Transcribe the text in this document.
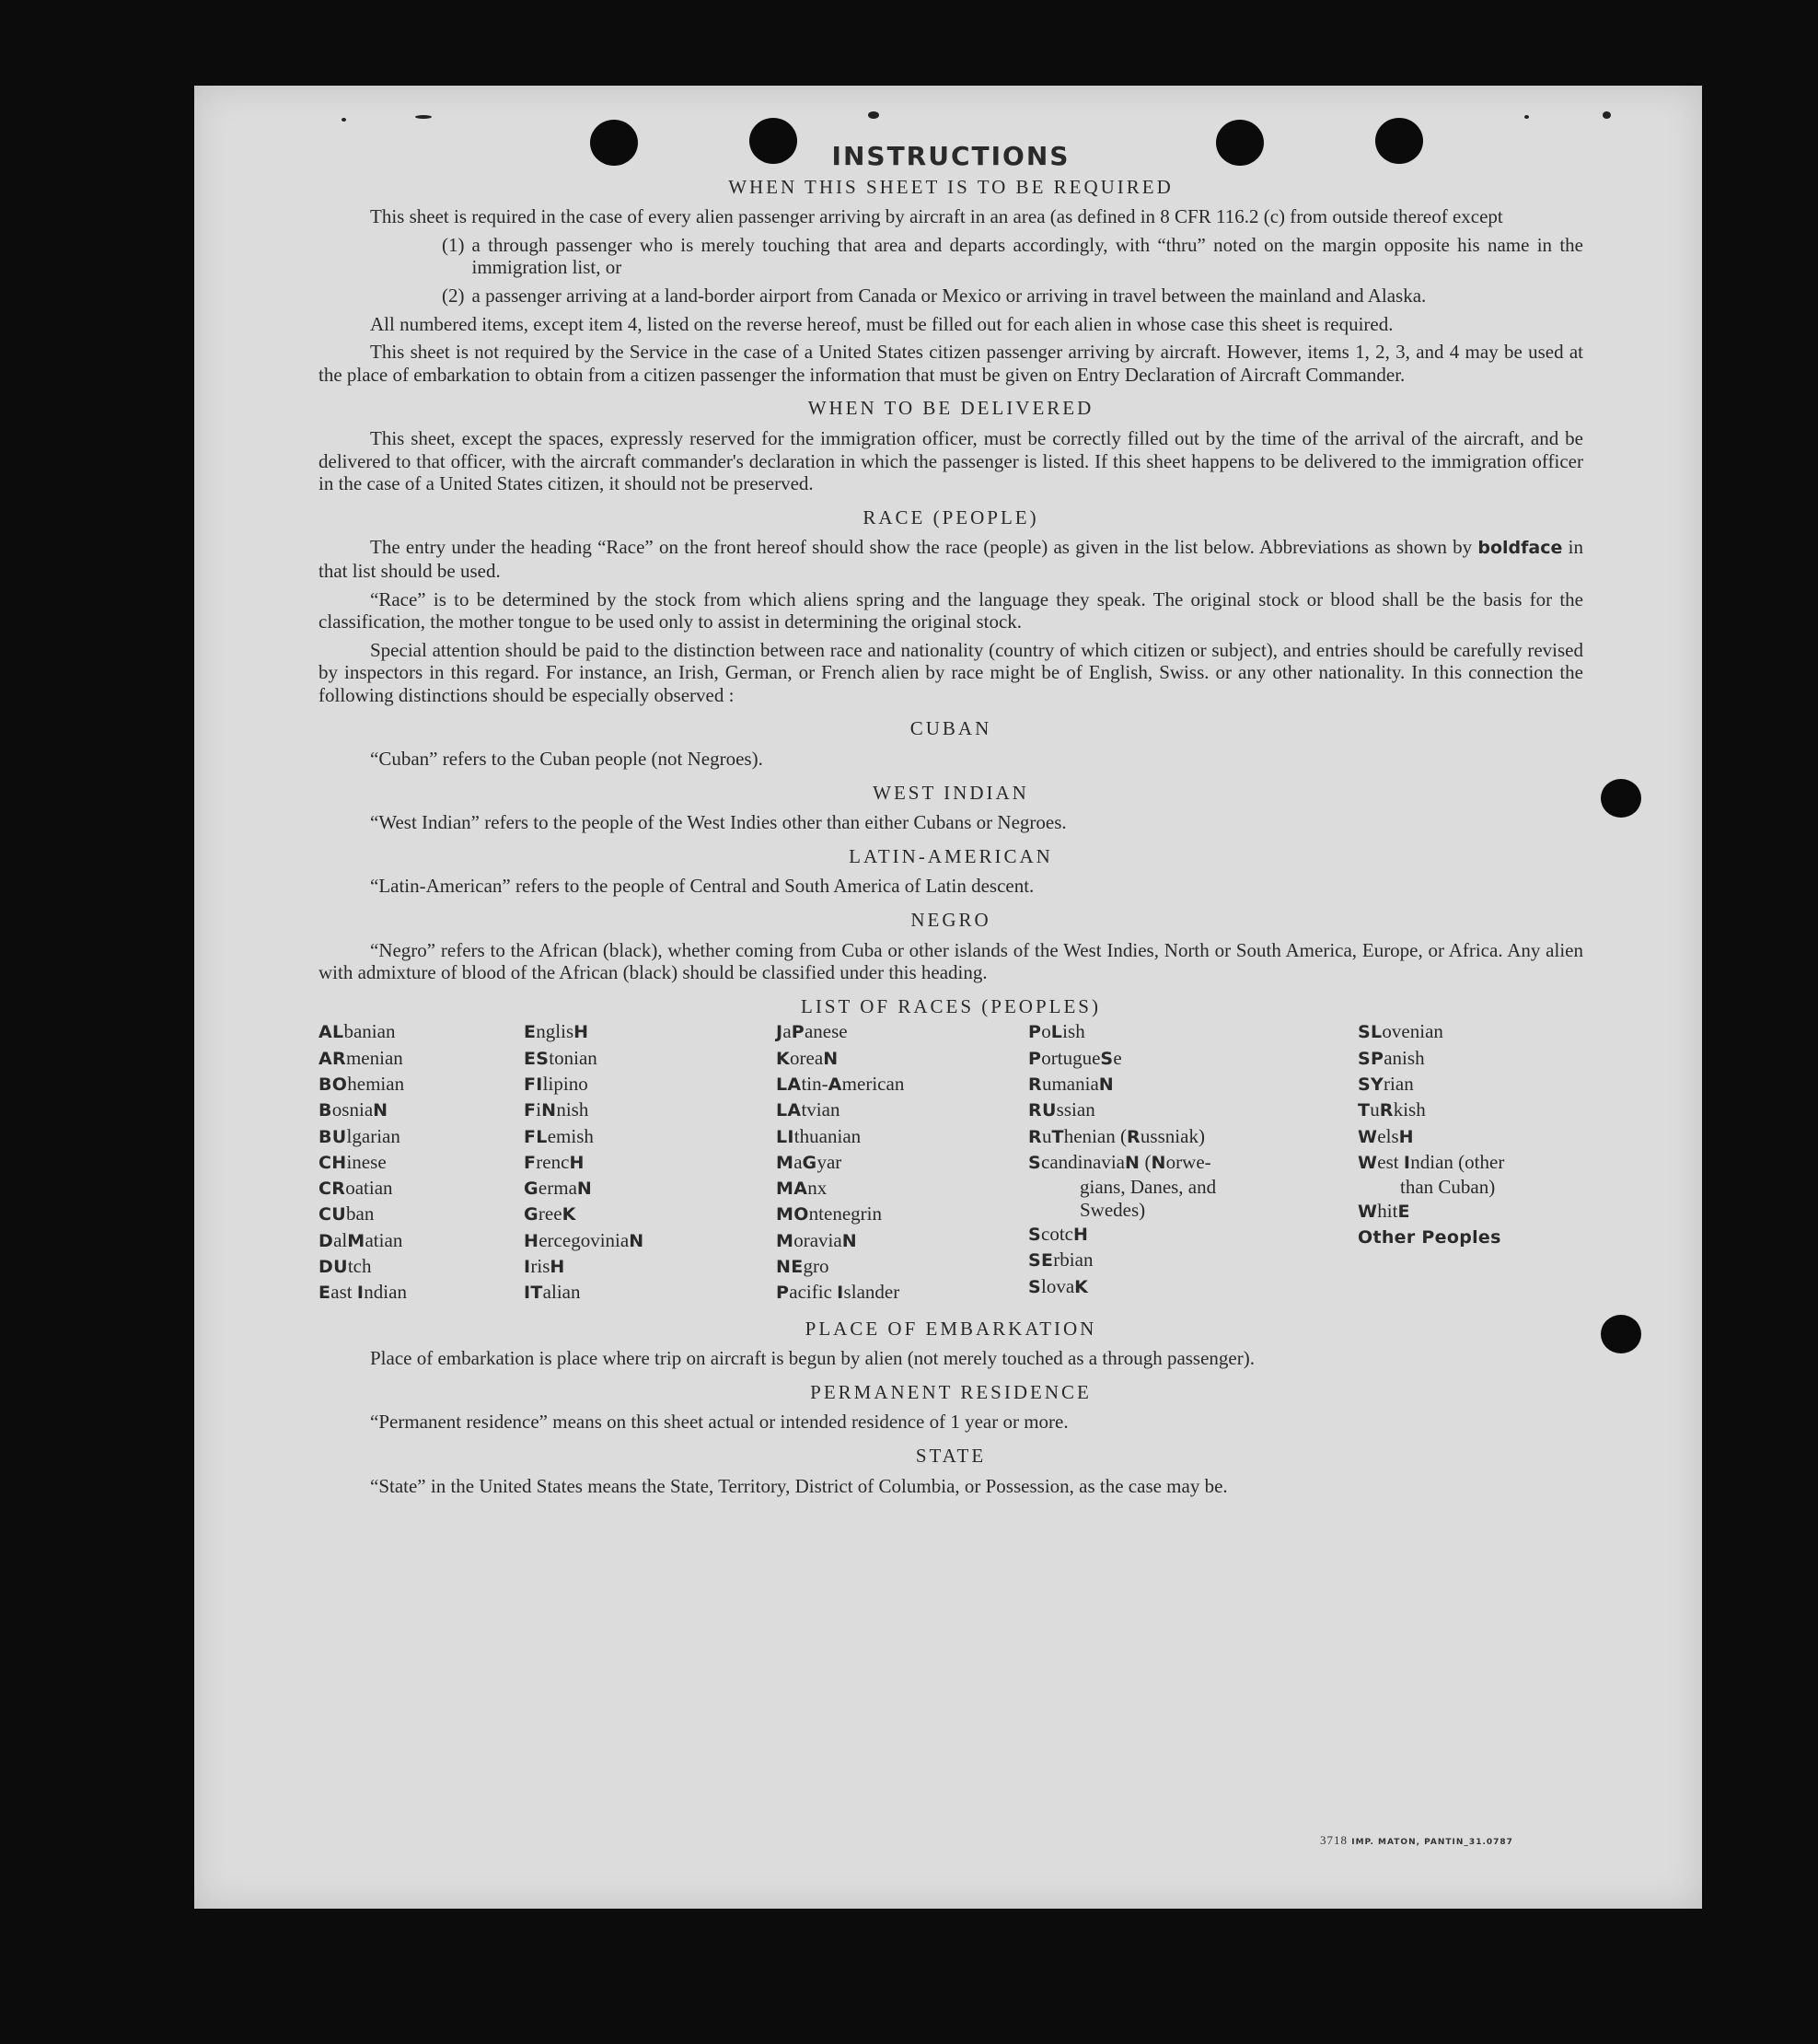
INSTRUCTIONS
WHEN THIS SHEET IS TO BE REQUIRED

This sheet is required in the case of every alien passenger arriving by aircraft in an area (as defined in 8 CFR 116.2 (c) from outside thereof except

(1) a through passenger who is merely touching that area and departs accordingly, with “thru” noted on the margin opposite his name in the immigration list, or
(2) a passenger arriving at a land-border airport from Canada or Mexico or arriving in travel between the mainland and Alaska.

All numbered items, except item 4, listed on the reverse hereof, must be filled out for each alien in whose case this sheet is required.

This sheet is not required by the Service in the case of a United States citizen passenger arriving by aircraft. However, items 1, 2, 3, and 4 may be used at the place of embarkation to obtain from a citizen passenger the information that must be given on Entry Declaration of Aircraft Commander.

WHEN TO BE DELIVERED

This sheet, except the spaces, expressly reserved for the immigration officer, must be correctly filled out by the time of the arrival of the aircraft, and be delivered to that officer, with the aircraft commander's declaration in which the passenger is listed. If this sheet happens to be delivered to the immigration officer in the case of a United States citizen, it should not be preserved.

RACE (PEOPLE)

The entry under the heading “Race” on the front hereof should show the race (people) as given in the list below. Abbreviations as shown by boldface in that list should be used.

“Race” is to be determined by the stock from which aliens spring and the language they speak. The original stock or blood shall be the basis for the classification, the mother tongue to be used only to assist in determining the original stock.

Special attention should be paid to the distinction between race and nationality (country of which citizen or subject), and entries should be carefully revised by inspectors in this regard. For instance, an Irish, German, or French alien by race might be of English, Swiss. or any other nationality. In this connection the following distinctions should be especially observed :

CUBAN

“Cuban” refers to the Cuban people (not Negroes).

WEST INDIAN

“West Indian” refers to the people of the West Indies other than either Cubans or Negroes.

LATIN-AMERICAN

“Latin-American” refers to the people of Central and South America of Latin descent.

NEGRO

“Negro” refers to the African (black), whether coming from Cuba or other islands of the West Indies, North or South America, Europe, or Africa. Any alien with admixture of blood of the African (black) should be classified under this heading.

LIST OF RACES (PEOPLES)
ALbanian
ARmenian
BOhemian
BosniaN
BUlgarian
CHinese
CRoatian
CUban
DalMatian
DUtch
East Indian
EnglisH
EStonian
FIlipino
FiNnish
FLemish
FrencH
GermaN
GreeK
HercegoviniaN
IrisH
ITalian
JaPanese
KoreaN
LAtin-American
LAtvian
LIthuanian
MaGyar
MAnx
MOntenegrin
MoraviaN
NEgro
Pacific Islander
PoLish
PortugueSe
RumaniaN
RUssian
RuThenian (Russniak)
ScandinaviaN (Norwe-
gians, Danes, and
Swedes)
ScotcH
SErbian
SlovaK
SLovenian
SPanish
SYrian
TuRkish
WelsH
West Indian (other
than Cuban)
WhitE
Other Peoples
PLACE OF EMBARKATION

Place of embarkation is place where trip on aircraft is begun by alien (not merely touched as a through passenger).

PERMANENT RESIDENCE

“Permanent residence” means on this sheet actual or intended residence of 1 year or more.

STATE

“State” in the United States means the State, Territory, District of Columbia, or Possession, as the case may be.

3718 IMP. MATON, PANTIN_31.0787
